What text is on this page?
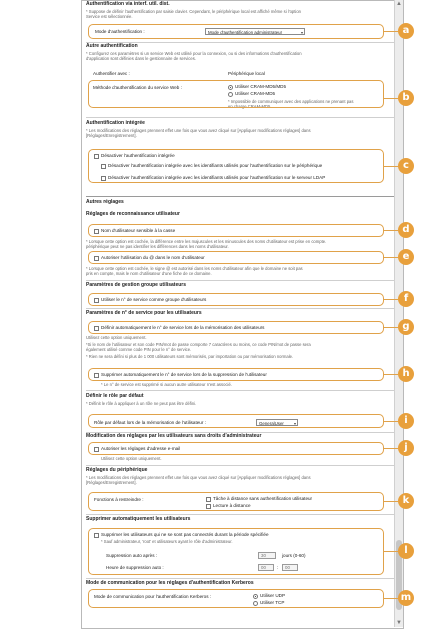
▲
▼
Authentification via interf. util. dist.
* Suppose de définir l'authentification par saisie clavier. Cependant, le périphérique local est affiché même si l'option
Service est sélectionnée.
Mode d'authentification :	Mode d'authentification administrateur	▾
Autre authentification
* Configurez ces paramètres si un service Web est utilisé pour la connexion, ou si des informations d'authentification
d'application sont définies dans le gestionnaire de services.
Authentifier avec :	Périphérique local
Méthode d'authentification du service Web :	Utiliser CRAM-MD5/MD5
Utiliser CRAM-MD5
* Impossible de communiquer avec des applications ne prenant pas
en charge CRAM-MD5.
Authentification intégrée
* Les modifications des réglages prennent effet une fois que vous avez cliqué sur [Appliquer modifications réglages] dans
[Réglages/Enregistrement].
Désactiver l'authentification intégrée
Désactiver l'authentification intégrée avec les identifiants utilisés pour l'authentification sur le périphérique
Désactiver l'authentification intégrée avec les identifiants utilisés pour l'authentification sur le serveur LDAP
Autres réglages
Réglages de reconnaissance utilisateur
Nom d'utilisateur sensible à la casse
* Lorsque cette option est cochée, la différence entre les majuscules et les minuscules des noms d'utilisateur est prise en compte.
périphérique peut ne pas identifier les différences dans les noms d'utilisateur.
Autoriser l'utilisation du @ dans le nom d'utilisateur
* Lorsque cette option est cochée, le signe @ est autorisé dans les noms d'utilisateur afin que le domaine ne soit pas
pris en compte, mais le nom d'utilisateur d'une fiche de ce domaine.
Paramètres de gestion groupe utilisateurs
Utiliser le n° de service comme groupe d'utilisateurs
Paramètres de n° de service pour les utilisateurs
Définir automatiquement le n° de service lors de la mémorisation des utilisateurs
Utilisez cette option uniquement.
*Si le nom de l'utilisateur et son code PIN/mot de passe comporte 7 caractères ou moins, ce code PIN/mot de passe sera
également utilisé comme code PIN pour le n° de service.
* Rien ne sera défini si plus de 1 000 utilisateurs sont mémorisés, par importation ou par mémorisation normale.
Supprimer automatiquement le n° de service lors de la suppression de l'utilisateur
* Le n° de service est supprimé si aucun autre utilisateur n'est associé.
Définir le rôle par défaut
* Définit le rôle à appliquer à un rôle ne peut pas être défini.
Rôle par défaut lors de la mémorisation de l'utilisateur :	GeneralUser	▾
Modification des réglages par les utilisateurs sans droits d'administrateur
Autoriser les réglages d'adresse e-mail
Utilisez cette option uniquement.
Réglages du périphérique
* Les modifications des réglages prennent effet une fois que vous avez cliqué sur [Appliquer modifications réglages] dans
[Réglages/Enregistrement].
Fonctions à restreindre :	Tâche à distance sans authentification utilisateur
Lecture à distance
Supprimer automatiquement les utilisateurs
Supprimer les utilisateurs qui ne se sont pas connectés durant la période spécifiée
* Sauf administrateur, 'root' et utilisateurs ayant le rôle d'administrateur.
Suppression auto après :	30	jours (0-60)
Heure de suppression auto :	00	:	00
Mode de communication pour les réglages d'authentification Kerberos
Mode de communication pour l'authentification Kerberos :	Utiliser UDP
Utiliser TCP
a
b
c
d
e
f
g
h
i
j
k
l
m
